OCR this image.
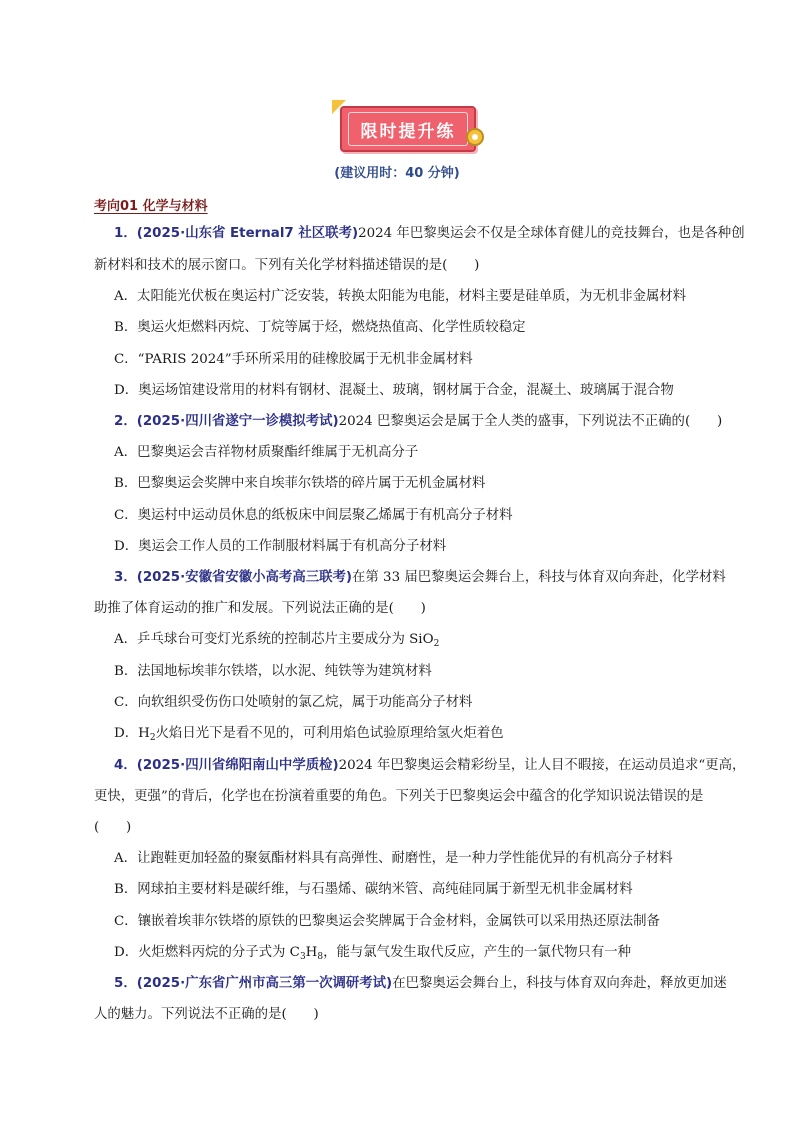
限时提升练
(建议用时：40 分钟)
考向01 化学与材料
1．(2025·山东省 Eternal7 社区联考)2024 年巴黎奥运会不仅是全球体育健儿的竞技舞台，也是各种创
新材料和技术的展示窗口。下列有关化学材料描述错误的是(　　)
A．太阳能光伏板在奥运村广泛安装，转换太阳能为电能，材料主要是硅单质，为无机非金属材料
B．奥运火炬燃料丙烷、丁烷等属于烃，燃烧热值高、化学性质较稳定
C．“PARIS 2024”手环所采用的硅橡胶属于无机非金属材料
D．奥运场馆建设常用的材料有钢材、混凝土、玻璃，钢材属于合金，混凝土、玻璃属于混合物
2．(2025·四川省遂宁一诊模拟考试)2024 巴黎奥运会是属于全人类的盛事，下列说法不正确的(　　)
A．巴黎奥运会吉祥物材质聚酯纤维属于无机高分子
B．巴黎奥运会奖牌中来自埃菲尔铁塔的碎片属于无机金属材料
C．奥运村中运动员休息的纸板床中间层聚乙烯属于有机高分子材料
D．奥运会工作人员的工作制服材料属于有机高分子材料
3．(2025·安徽省安徽小高考高三联考)在第 33 届巴黎奥运会舞台上，科技与体育双向奔赴，化学材料
助推了体育运动的推广和发展。下列说法正确的是(　　)
A．乒乓球台可变灯光系统的控制芯片主要成分为 SiO$_2$
B．法国地标埃菲尔铁塔，以水泥、纯铁等为建筑材料
C．向软组织受伤伤口处喷射的氯乙烷，属于功能高分子材料
D．$H_2$火焰日光下是看不见的，可利用焰色试验原理给氢火炬着色
4．(2025·四川省绵阳南山中学质检)2024 年巴黎奥运会精彩纷呈，让人目不暇接，在运动员追求“更高，
更快，更强”的背后，化学也在扮演着重要的角色。下列关于巴黎奥运会中蕴含的化学知识说法错误的是
(　　)
A．让跑鞋更加轻盈的聚氨酯材料具有高弹性、耐磨性，是一种力学性能优异的有机高分子材料
B．网球拍主要材料是碳纤维，与石墨烯、碳纳米管、高纯硅同属于新型无机非金属材料
C．镶嵌着埃菲尔铁塔的原铁的巴黎奥运会奖牌属于合金材料，金属铁可以采用热还原法制备
D．火炬燃料丙烷的分子式为 $C_3H_8$，能与氯气发生取代反应，产生的一氯代物只有一种
5．(2025·广东省广州市高三第一次调研考试)在巴黎奥运会舞台上，科技与体育双向奔赴，释放更加迷
人的魅力。下列说法不正确的是(　　)
